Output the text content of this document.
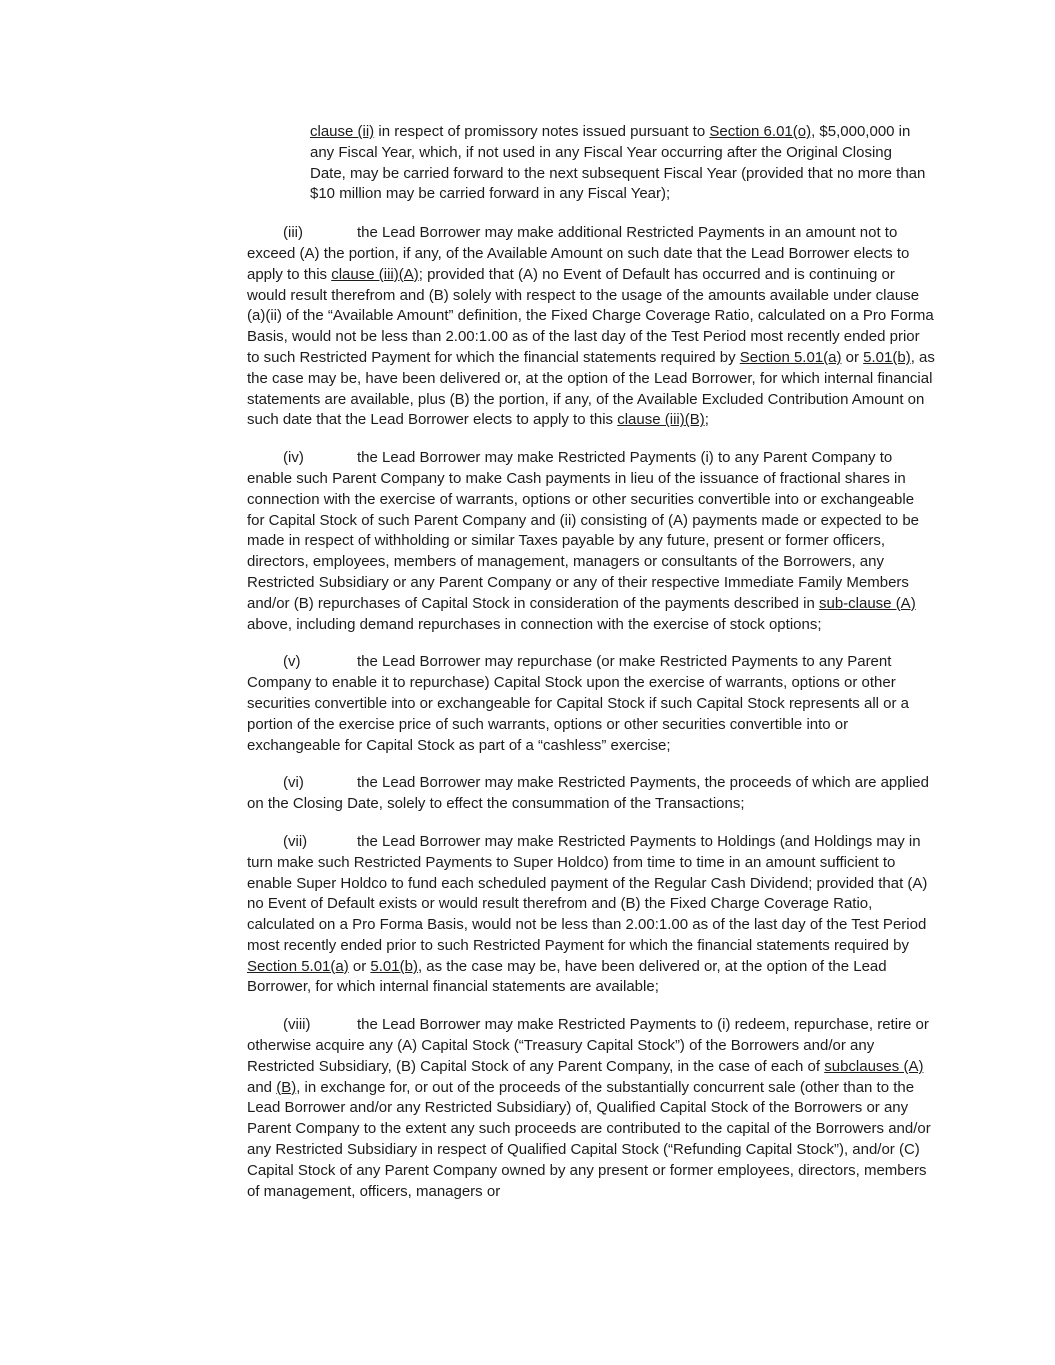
clause (ii) in respect of promissory notes issued pursuant to Section 6.01(o), $5,000,000 in any Fiscal Year, which, if not used in any Fiscal Year occurring after the Original Closing Date, may be carried forward to the next subsequent Fiscal Year (provided that no more than $10 million may be carried forward in any Fiscal Year);
(iii)	the Lead Borrower may make additional Restricted Payments in an amount not to exceed (A) the portion, if any, of the Available Amount on such date that the Lead Borrower elects to apply to this clause (iii)(A); provided that (A) no Event of Default has occurred and is continuing or would result therefrom and (B) solely with respect to the usage of the amounts available under clause (a)(ii) of the “Available Amount” definition, the Fixed Charge Coverage Ratio, calculated on a Pro Forma Basis, would not be less than 2.00:1.00 as of the last day of the Test Period most recently ended prior to such Restricted Payment for which the financial statements required by Section 5.01(a) or 5.01(b), as the case may be, have been delivered or, at the option of the Lead Borrower, for which internal financial statements are available, plus (B) the portion, if any, of the Available Excluded Contribution Amount on such date that the Lead Borrower elects to apply to this clause (iii)(B);
(iv)	the Lead Borrower may make Restricted Payments (i) to any Parent Company to enable such Parent Company to make Cash payments in lieu of the issuance of fractional shares in connection with the exercise of warrants, options or other securities convertible into or exchangeable for Capital Stock of such Parent Company and (ii) consisting of (A) payments made or expected to be made in respect of withholding or similar Taxes payable by any future, present or former officers, directors, employees, members of management, managers or consultants of the Borrowers, any Restricted Subsidiary or any Parent Company or any of their respective Immediate Family Members and/or (B) repurchases of Capital Stock in consideration of the payments described in sub-clause (A) above, including demand repurchases in connection with the exercise of stock options;
(v)	the Lead Borrower may repurchase (or make Restricted Payments to any Parent Company to enable it to repurchase) Capital Stock upon the exercise of warrants, options or other securities convertible into or exchangeable for Capital Stock if such Capital Stock represents all or a portion of the exercise price of such warrants, options or other securities convertible into or exchangeable for Capital Stock as part of a “cashless” exercise;
(vi)	the Lead Borrower may make Restricted Payments, the proceeds of which are applied on the Closing Date, solely to effect the consummation of the Transactions;
(vii)	the Lead Borrower may make Restricted Payments to Holdings (and Holdings may in turn make such Restricted Payments to Super Holdco) from time to time in an amount sufficient to enable Super Holdco to fund each scheduled payment of the Regular Cash Dividend; provided that (A) no Event of Default exists or would result therefrom and (B) the Fixed Charge Coverage Ratio, calculated on a Pro Forma Basis, would not be less than 2.00:1.00 as of the last day of the Test Period most recently ended prior to such Restricted Payment for which the financial statements required by Section 5.01(a) or 5.01(b), as the case may be, have been delivered or, at the option of the Lead Borrower, for which internal financial statements are available;
(viii)	the Lead Borrower may make Restricted Payments to (i) redeem, repurchase, retire or otherwise acquire any (A) Capital Stock (“Treasury Capital Stock”) of the Borrowers and/or any Restricted Subsidiary, (B) Capital Stock of any Parent Company, in the case of each of subclauses (A) and (B), in exchange for, or out of the proceeds of the substantially concurrent sale (other than to the Lead Borrower and/or any Restricted Subsidiary) of, Qualified Capital Stock of the Borrowers or any Parent Company to the extent any such proceeds are contributed to the capital of the Borrowers and/or any Restricted Subsidiary in respect of Qualified Capital Stock (“Refunding Capital Stock”), and/or (C) Capital Stock of any Parent Company owned by any present or former employees, directors, members of management, officers, managers or
